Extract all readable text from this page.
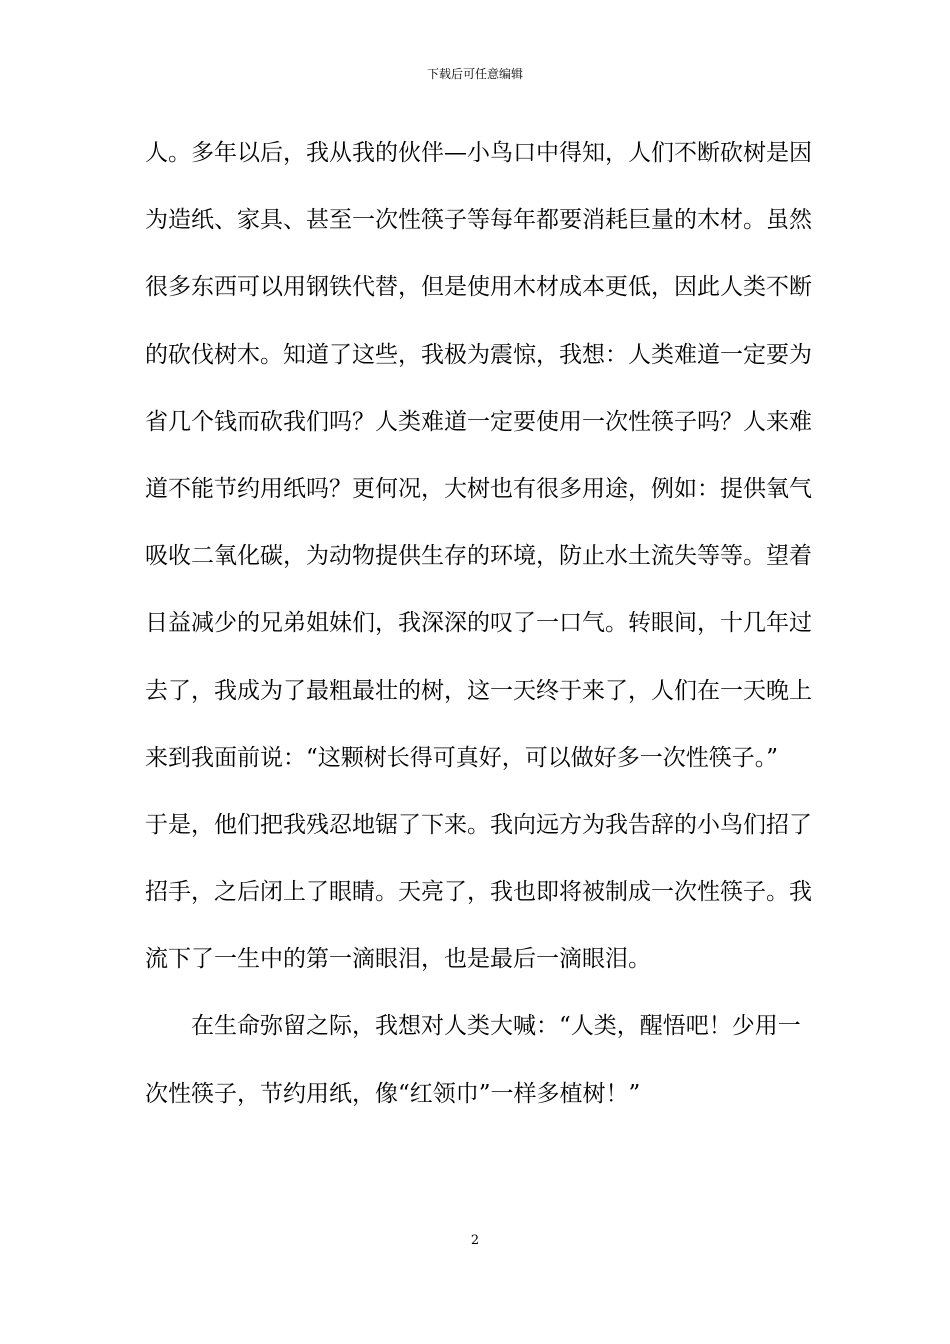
下载后可任意编辑
人。多年以后，我从我的伙伴—小鸟口中得知，人们不断砍树是因
为造纸、家具、甚至一次性筷子等每年都要消耗巨量的木材。虽然
很多东西可以用钢铁代替，但是使用木材成本更低，因此人类不断
的砍伐树木。知道了这些，我极为震惊，我想：人类难道一定要为
省几个钱而砍我们吗？人类难道一定要使用一次性筷子吗？人来难
道不能节约用纸吗？更何况，大树也有很多用途，例如：提供氧气
吸收二氧化碳，为动物提供生存的环境，防止水土流失等等。望着
日益减少的兄弟姐妹们，我深深的叹了一口气。转眼间，十几年过
去了，我成为了最粗最壮的树，这一天终于来了，人们在一天晚上
来到我面前说：“这颗树长得可真好，可以做好多一次性筷子。”
于是，他们把我残忍地锯了下来。我向远方为我告辞的小鸟们招了
招手，之后闭上了眼睛。天亮了，我也即将被制成一次性筷子。我
流下了一生中的第一滴眼泪，也是最后一滴眼泪。
在生命弥留之际，我想对人类大喊：“人类，醒悟吧！少用一
次性筷子，节约用纸，像“红领巾”一样多植树！”
2
